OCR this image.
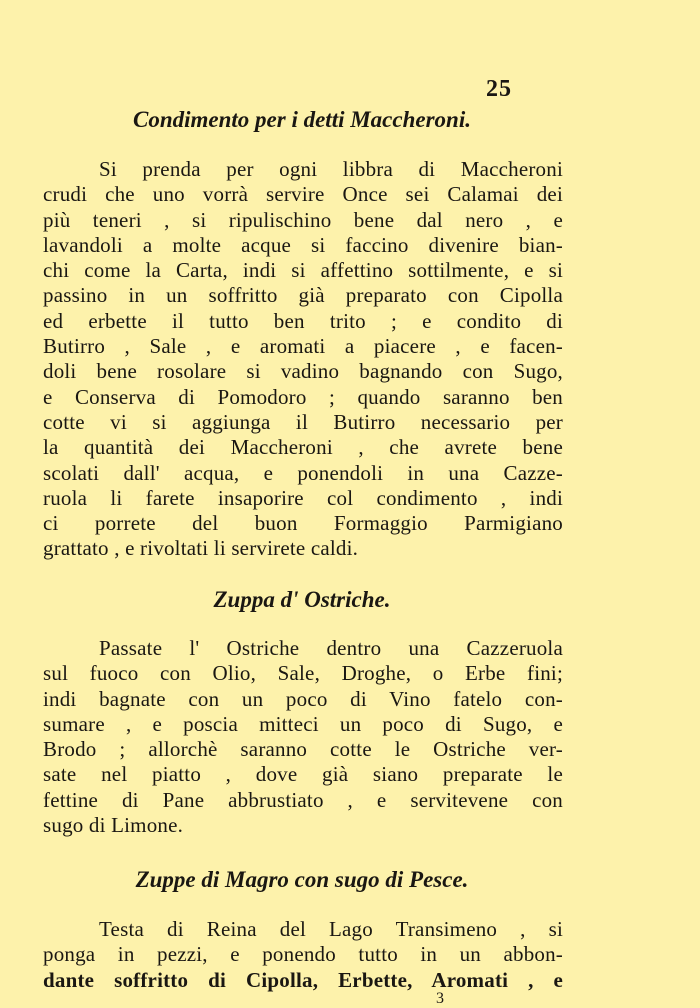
25
Condimento per i detti Maccheroni.
Si prenda per ogni libbra di Maccheroni
crudi che uno vorrà servire Once sei Calamai dei
più teneri , si ripulischino bene dal nero , e
lavandoli a molte acque si faccino divenire bian-
chi come la Carta, indi si affettino sottilmente, e si
passino in un soffritto già preparato con Cipolla
ed erbette il tutto ben trito ; e condito di
Butirro , Sale , e aromati a piacere , e facen-
doli bene rosolare si vadino bagnando con Sugo,
e Conserva di Pomodoro ; quando saranno ben
cotte vi si aggiunga il Butirro necessario per
la quantità dei Maccheroni , che avrete bene
scolati dall' acqua, e ponendoli in una Cazze-
ruola li farete insaporire col condimento , indi
ci porrete del buon Formaggio Parmigiano
grattato , e rivoltati li servirete caldi.
Zuppa d' Ostriche.
Passate l' Ostriche dentro una Cazzeruola
sul fuoco con Olio, Sale, Droghe, o Erbe fini;
indi bagnate con un poco di Vino fatelo con-
sumare , e poscia mitteci un poco di Sugo, e
Brodo ; allorchè saranno cotte le Ostriche ver-
sate nel piatto , dove già siano preparate le
fettine di Pane abbrustiato , e servitevene con
sugo di Limone.
Zuppe di Magro con sugo di Pesce.
Testa di Reina del Lago Transimeno , si
ponga in pezzi, e ponendo tutto in un abbon-
dante soffritto di Cipolla, Erbette, Aromati , e
3
